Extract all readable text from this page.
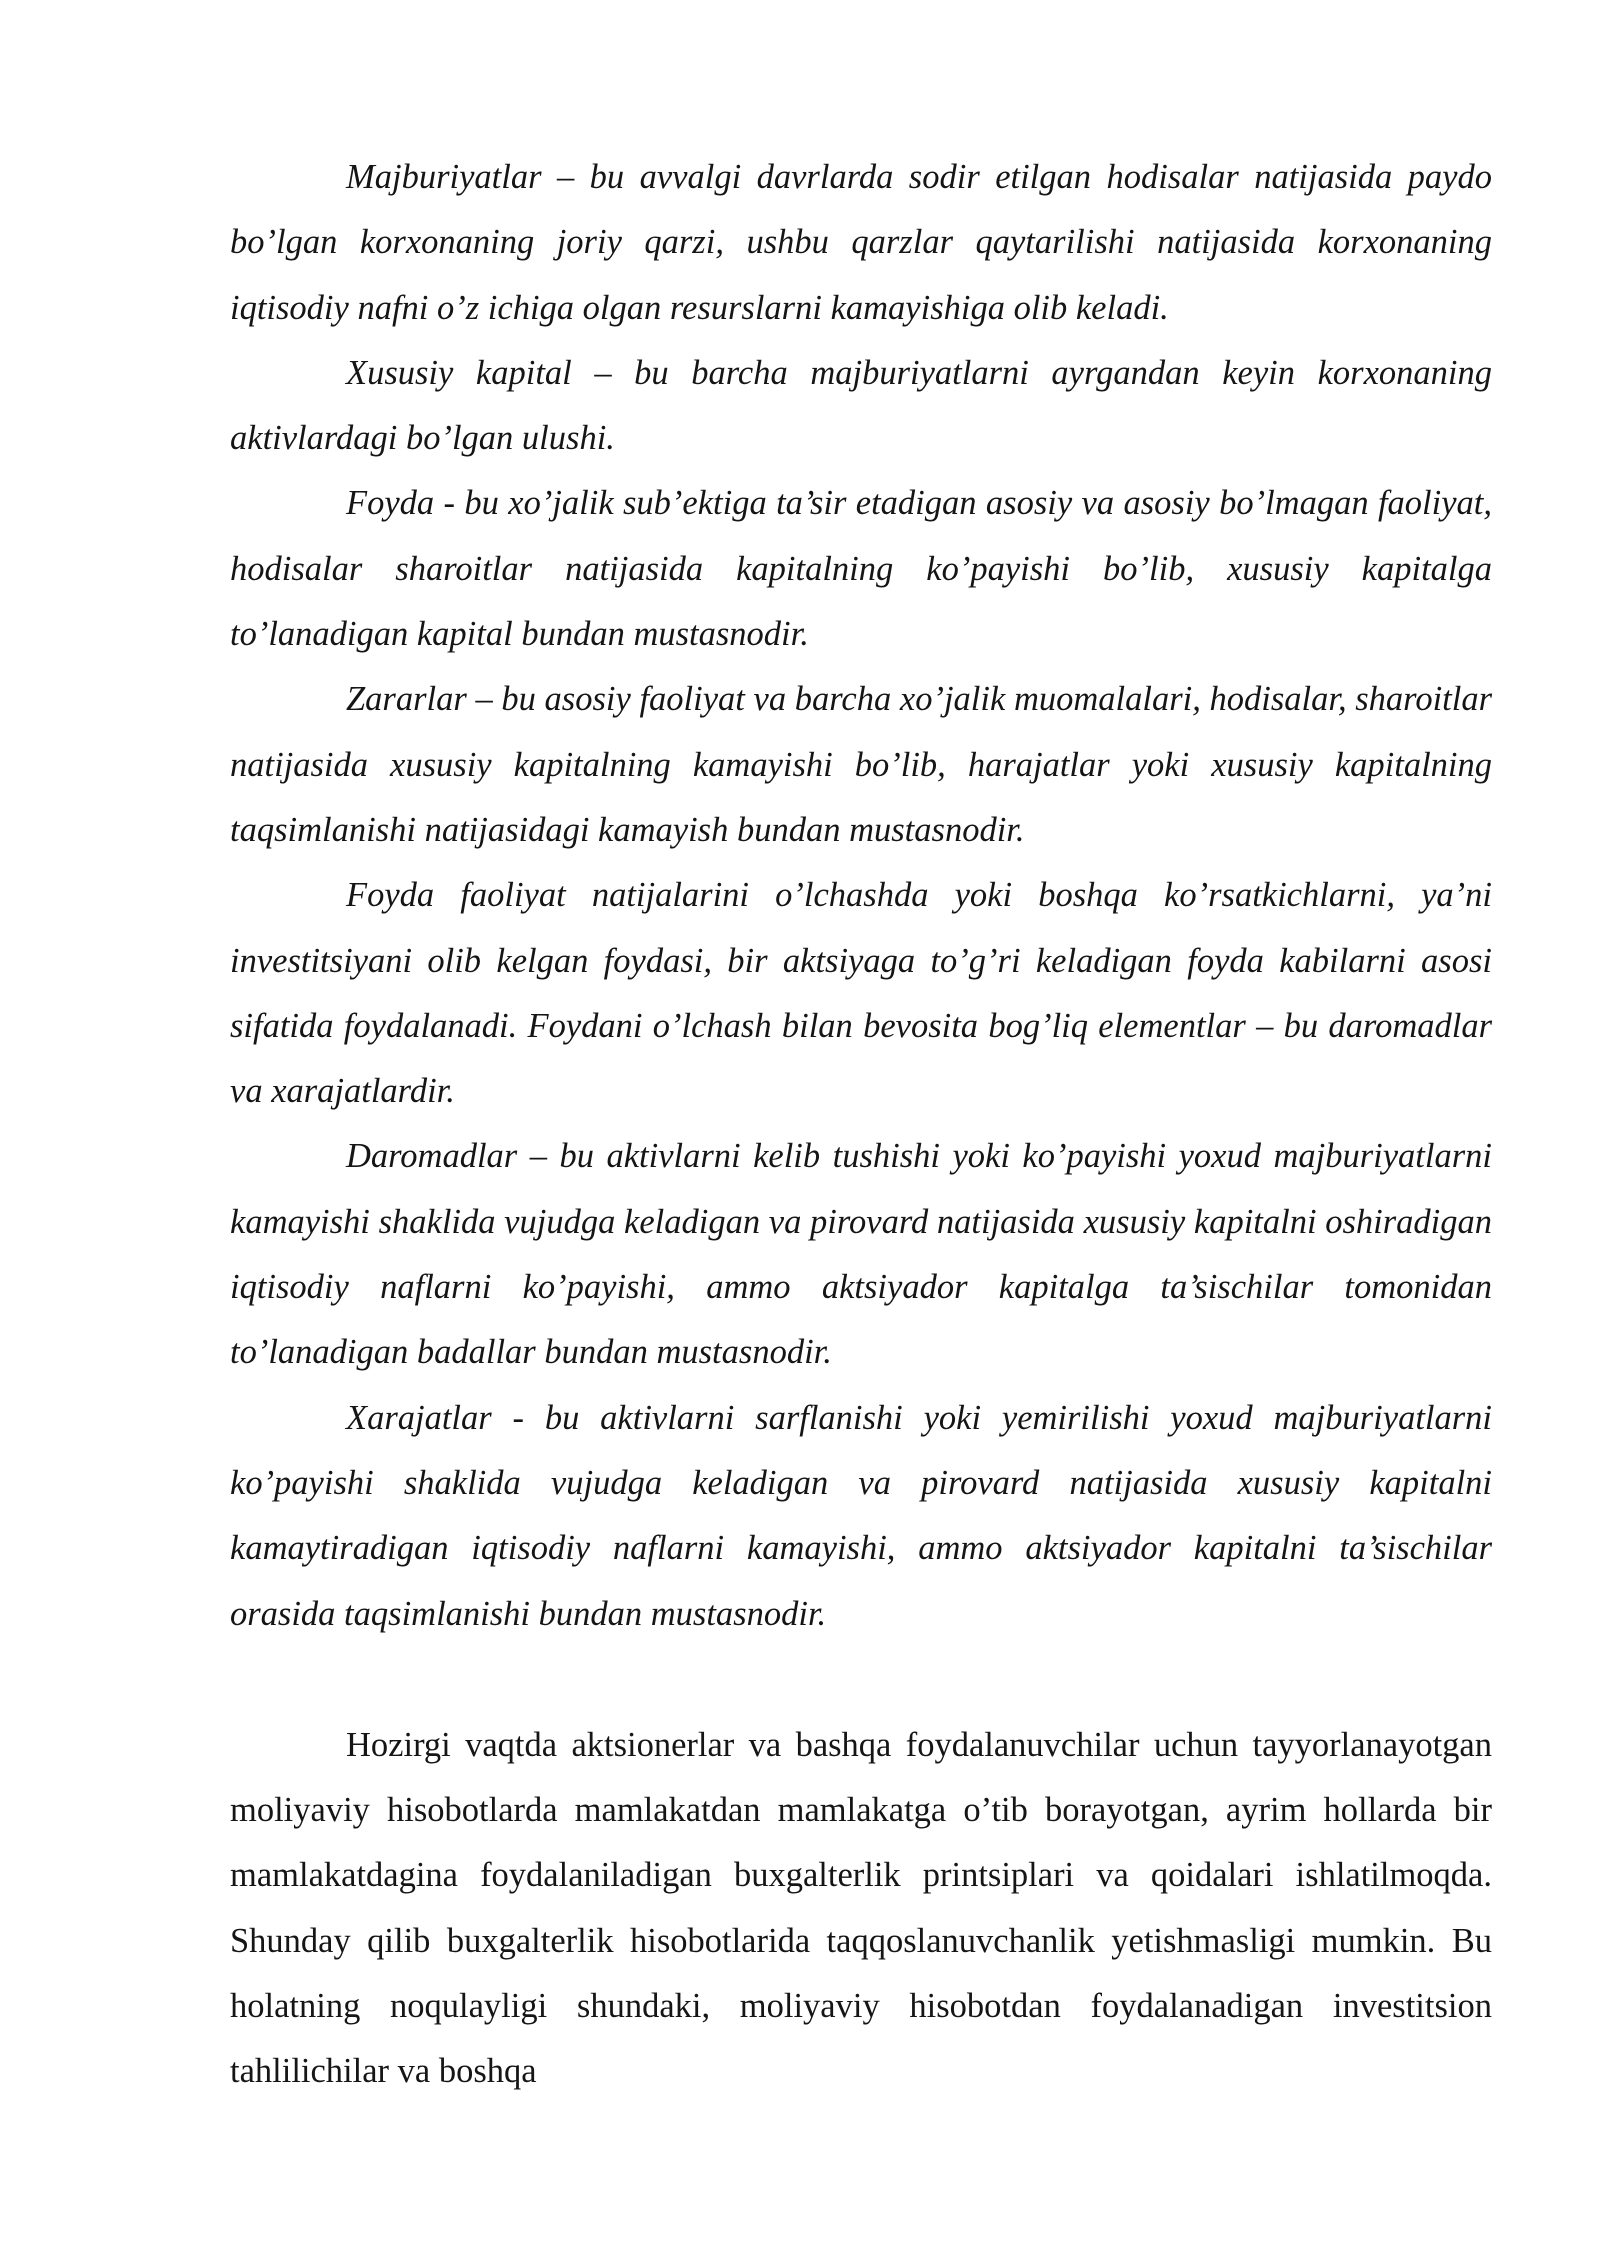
Majburiyatlar – bu avvalgi davrlarda sodir etilgan hodisalar natijasida paydo bo’lgan korxonaning joriy qarzi, ushbu qarzlar qaytarilishi natijasida korxonaning iqtisodiy nafni o’z ichiga olgan resurslarni kamayishiga olib keladi.

Xususiy kapital – bu barcha majburiyatlarni ayrgandan keyin korxonaning aktivlardagi bo’lgan ulushi.

Foyda - bu xo’jalik sub’ektiga ta’sir etadigan asosiy va asosiy bo’lmagan faoliyat, hodisalar sharoitlar natijasida kapitalning ko’payishi bo’lib, xususiy kapitalga to’lanadigan kapital bundan mustasnodir.

Zararlar – bu asosiy faoliyat va barcha xo’jalik muomalalari, hodisalar, sharoitlar natijasida xususiy kapitalning kamayishi bo’lib, harajatlar yoki xususiy kapitalning taqsimlanishi natijasidagi kamayish bundan mustasnodir.

Foyda faoliyat natijalarini o’lchashda yoki boshqa ko’rsatkichlarni, ya’ni investitsiyani olib kelgan foydasi, bir aktsiyaga to’g’ri keladigan foyda kabilarni asosi sifatida foydalanadi. Foydani o’lchash bilan bevosita bog’liq elementlar – bu daromadlar va xarajatlardir.

Daromadlar – bu aktivlarni kelib tushishi yoki ko’payishi yoxud majburiyatlarni kamayishi shaklida vujudga keladigan va pirovard natijasida xususiy kapitalni oshiradigan iqtisodiy naflarni ko’payishi, ammo aktsiyador kapitalga ta’sischilar tomonidan to’lanadigan badallar bundan mustasnodir.

Xarajatlar - bu aktivlarni sarflanishi yoki yemirilishi yoxud majburiyatlarni ko’payishi shaklida vujudga keladigan va pirovard natijasida xususiy kapitalni kamaytiradigan iqtisodiy naflarni kamayishi, ammo aktsiyador kapitalni ta’sischilar orasida taqsimlanishi bundan mustasnodir.

Hozirgi vaqtda aktsionerlar va bashqa foydalanuvchilar uchun tayyorlanayotgan moliyaviy hisobotlarda mamlakatdan mamlakatga o’tib borayotgan, ayrim hollarda bir mamlakatdagina foydalaniladigan buxgalterlik printsiplari va qoidalari ishlatilmoqda. Shunday qilib buxgalterlik hisobotlarida taqqoslanuvchanlik yetishmasligi mumkin. Bu holatning noqulayligi shundaki, moliyaviy hisobotdan foydalanadigan investitsion tahlilichilar va boshqa
